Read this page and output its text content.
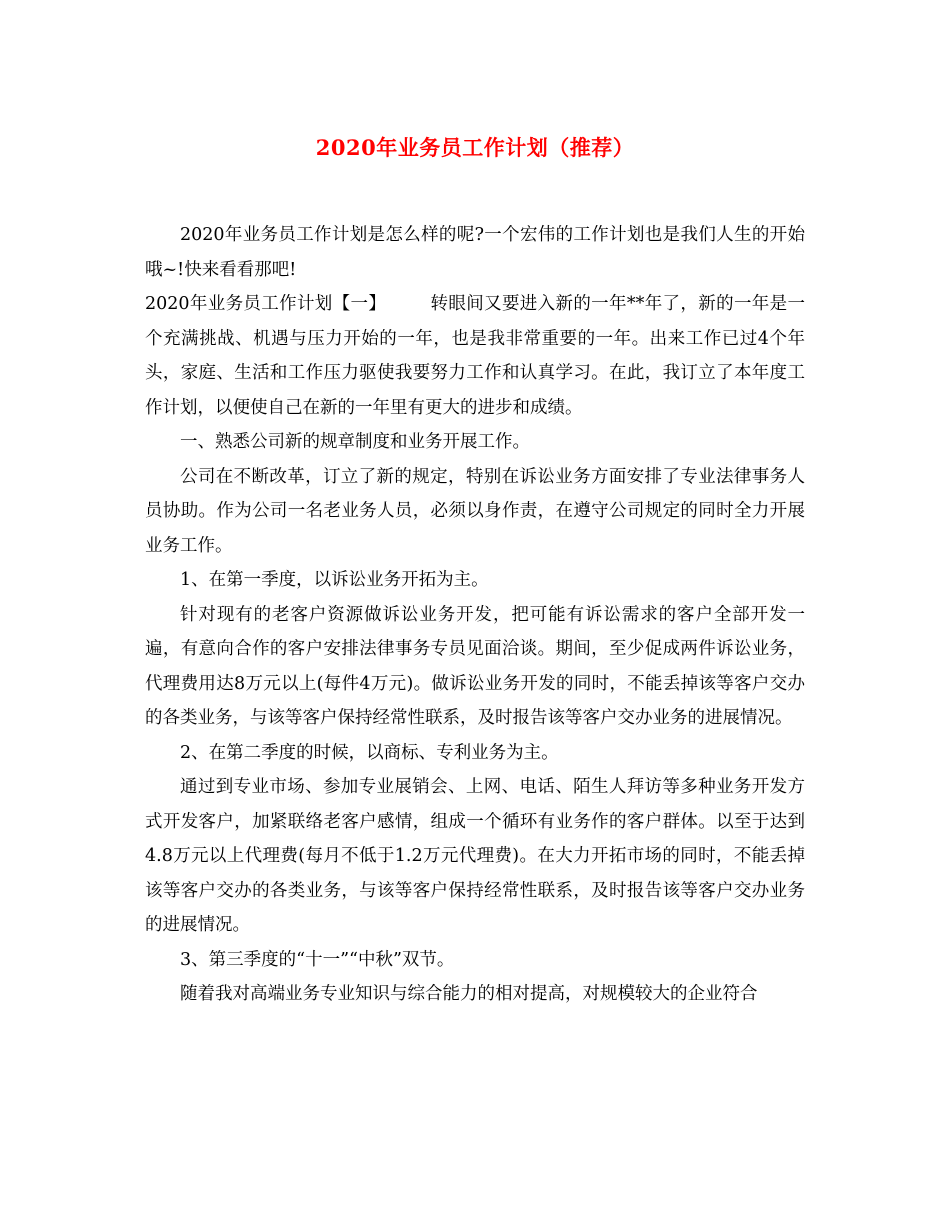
2020年业务员工作计划（推荐）

2020年业务员工作计划是怎么样的呢?一个宏伟的工作计划也是我们人生的开始哦~!快来看看那吧!

2020年业务员工作计划【一】	转眼间又要进入新的一年**年了，新的一年是一个充满挑战、机遇与压力开始的一年，也是我非常重要的一年。出来工作已过4个年头，家庭、生活和工作压力驱使我要努力工作和认真学习。在此，我订立了本年度工作计划，以便使自己在新的一年里有更大的进步和成绩。

一、熟悉公司新的规章制度和业务开展工作。

公司在不断改革，订立了新的规定，特别在诉讼业务方面安排了专业法律事务人员协助。作为公司一名老业务人员，必须以身作责，在遵守公司规定的同时全力开展业务工作。

1、在第一季度，以诉讼业务开拓为主。

针对现有的老客户资源做诉讼业务开发，把可能有诉讼需求的客户全部开发一遍，有意向合作的客户安排法律事务专员见面洽谈。期间，至少促成两件诉讼业务，代理费用达8万元以上(每件4万元)。做诉讼业务开发的同时，不能丢掉该等客户交办的各类业务，与该等客户保持经常性联系，及时报告该等客户交办业务的进展情况。

2、在第二季度的时候，以商标、专利业务为主。

通过到专业市场、参加专业展销会、上网、电话、陌生人拜访等多种业务开发方式开发客户，加紧联络老客户感情，组成一个循环有业务作的客户群体。以至于达到4.8万元以上代理费(每月不低于1.2万元代理费)。在大力开拓市场的同时，不能丢掉该等客户交办的各类业务，与该等客户保持经常性联系，及时报告该等客户交办业务的进展情况。

3、第三季度的“十一”“中秋”双节。

随着我对高端业务专业知识与综合能力的相对提高，对规模较大的企业符合
